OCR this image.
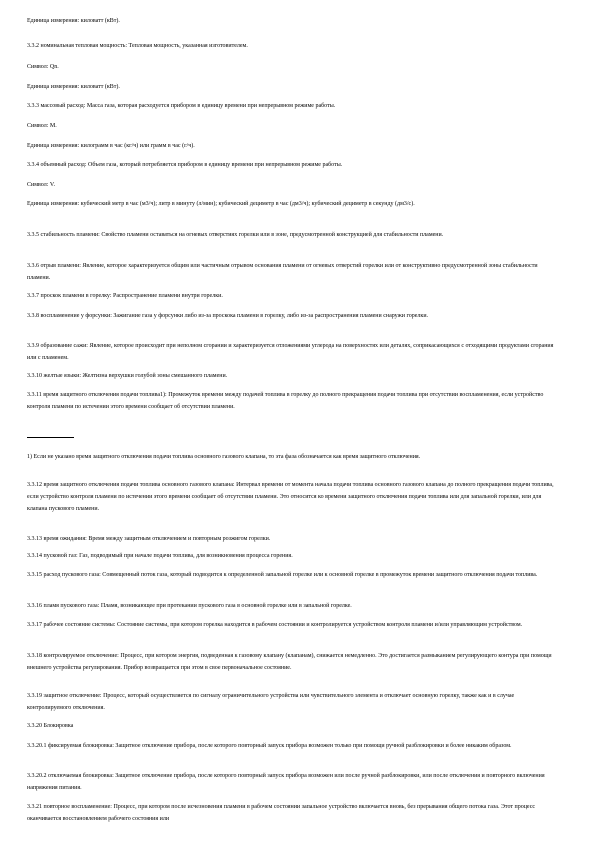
Единица измерения: киловатт (кВт).
3.3.2 номинальная тепловая мощность: Тепловая мощность, указанная изготовителем.
Символ: Qn.
Единица измерения: киловатт (кВт).
3.3.3 массовый расход: Масса газа, которая расходуется прибором в единицу времени при непрерывном режиме работы.
Символ: M.
Единица измерения: килограмм в час (кг/ч) или грамм в час (г/ч).
3.3.4 объемный расход: Объем газа, который потребляется прибором в единицу времени при непрерывном режиме работы.
Символ: V.
Единица измерения: кубический метр в час (м3/ч); литр в минуту (л/мин); кубический дециметр в час (дм3/ч); кубический дециметр в секунду (дм3/с).
3.3.5 стабильность пламени: Свойство пламени оставаться на огневых отверстиях горелки или в зоне, предусмотренной конструкцией для стабильности пламени.
3.3.6 отрыв пламени: Явление, которое характеризуется общим или частичным отрывом основания пламени от огневых отверстий горелки или от конструктивно предусмотренной зоны стабильности пламени.
3.3.7 проскок пламени в горелку: Распространение пламени внутри горелки.
3.3.8 воспламенение у форсунки: Зажигание газа у форсунки либо из-за проскока пламени в горелку, либо из-за распространения пламени снаружи горелки.
3.3.9 образование сажи: Явление, которое происходит при неполном сгорании и характеризуется отложениями углерода на поверхностях или деталях, соприкасающихся с отходящими продуктами сгорания или с пламенем.
3.3.10 желтые языки: Желтизна верхушки голубой зоны смешанного пламени.
3.3.11 время защитного отключения подачи топлива1): Промежуток времени между подачей топлива в горелку до полного прекращения подачи топлива при отсутствии воспламенения, если устройство контроля пламени по истечении этого времени сообщает об отсутствии пламени.
1) Если не указано время защитного отключения подачи топлива основного газового клапана, то эта фаза обозначается как время защитного отключения.
3.3.12 время защитного отключения подачи топлива основного газового клапана: Интервал времени от момента начала подачи топлива основного газового клапана до полного прекращения подачи топлива, если устройство контроля пламени по истечении этого времени сообщает об отсутствии пламени. Это относится ко времени защитного отключения подачи топлива или для запальной горелки, или для клапана пускового пламени.
3.3.13 время ожидания: Время между защитным отключением и повторным розжигом горелки.
3.3.14 пусковой газ: Газ, подводимый при начале подачи топлива, для возникновения процесса горения.
3.3.15 расход пускового газа: Совмещенный поток газа, который подводится к определенной запальной горелке или к основной горелке в промежуток времени защитного отключения подачи топлива.
3.3.16 пламя пускового газа: Пламя, возникающее при протекании пускового газа в основной горелке или в запальной горелке.
3.3.17 рабочее состояние системы: Состояние системы, при котором горелка находится в рабочем состоянии и контролируется устройством контроля пламени и/или управляющим устройством.
3.3.18 контролируемое отключение: Процесс, при котором энергия, подведенная к газовому клапану (клапанам), снижается немедленно. Это достигается размыканием регулирующего контура при помощи внешнего устройства регулирования. Прибор возвращается при этом в свое первоначальное состояние.
3.3.19 защитное отключение: Процесс, который осуществляется по сигналу ограничительного устройства или чувствительного элемента и отключает основную горелку, также как и в случае контролируемого отключения.
3.3.20 Блокировка
3.3.20.1 фиксируемая блокировка: Защитное отключение прибора, после которого повторный запуск прибора возможен только при помощи ручной разблокировки и более никаким образом.
3.3.20.2 отключаемая блокировка: Защитное отключение прибора, после которого повторный запуск прибора возможен или после ручной разблокировки, или после отключения и повторного включения напряжения питания.
3.3.21 повторное воспламенение: Процесс, при котором после исчезновения пламени в рабочем состоянии запальное устройство включается вновь, без прерывания общего потока газа. Этот процесс оканчивается восстановлением рабочего состояния или
